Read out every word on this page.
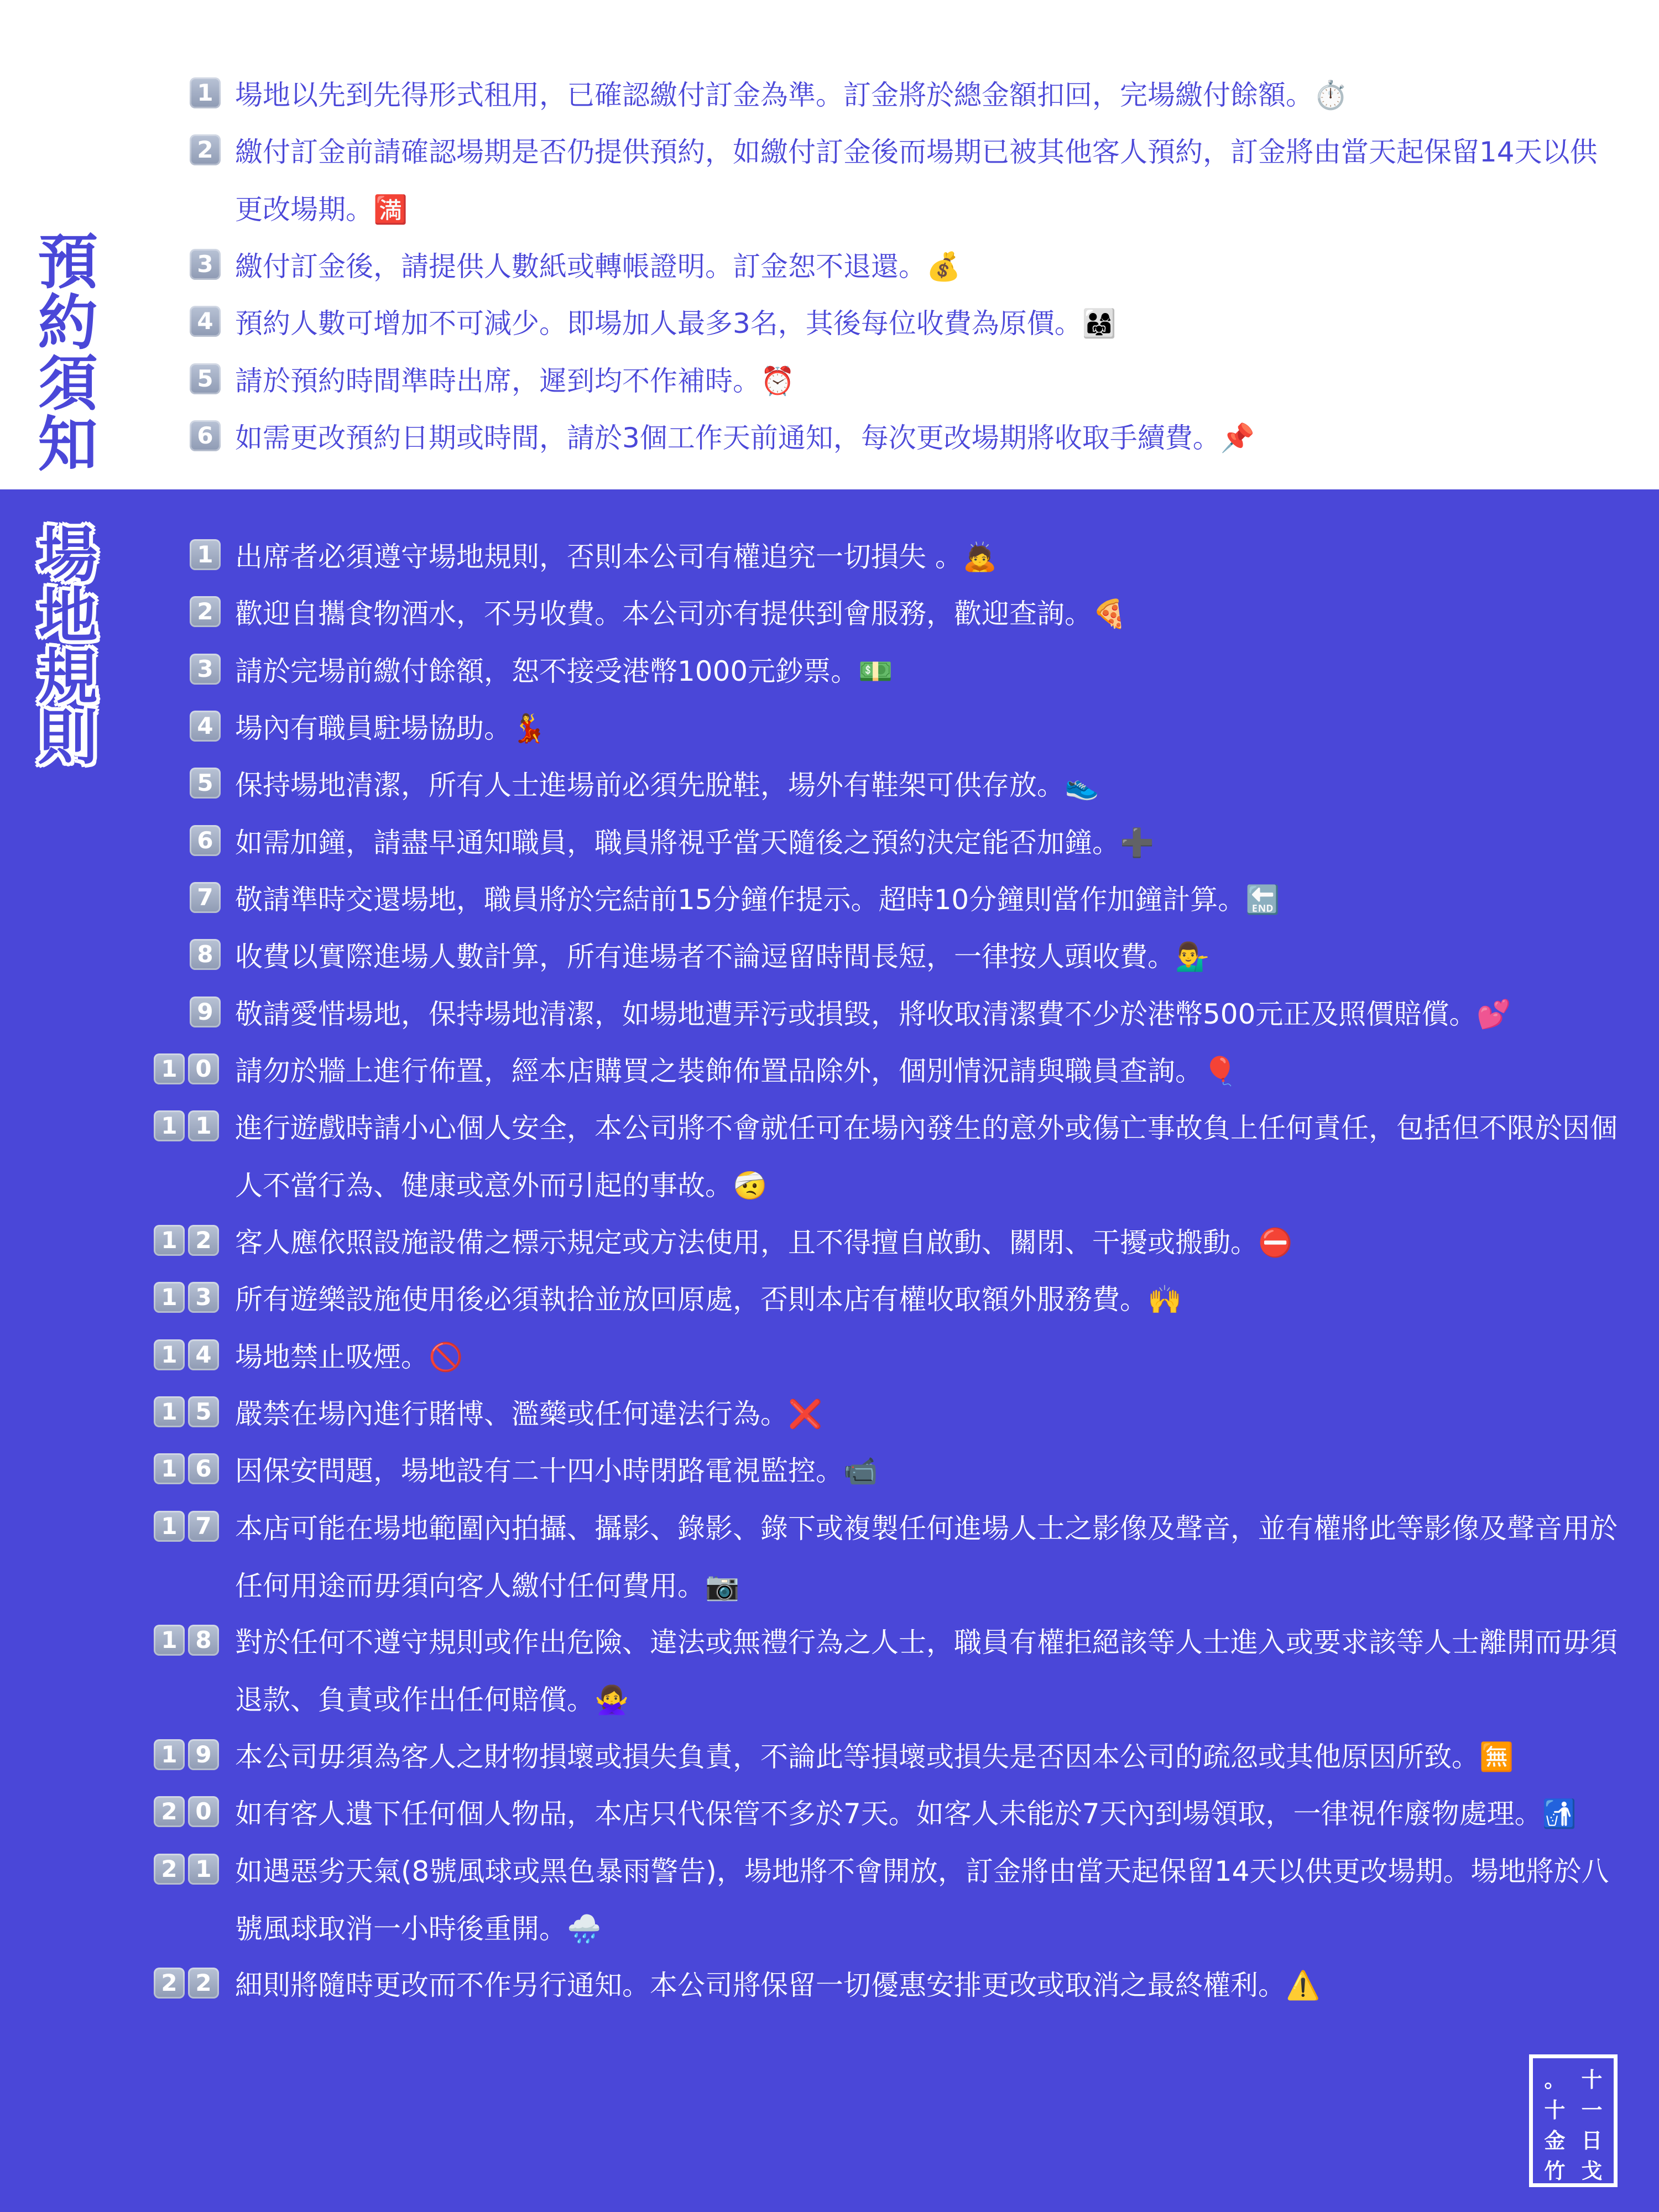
預
約
須
知
1 場地以先到先得形式租用，已確認繳付訂金為準。訂金將於總金額扣回，完場繳付餘額。⏱️
2 繳付訂金前請確認場期是否仍提供預約，如繳付訂金後而場期已被其他客人預約，訂金將由當天起保留14天以供更改場期。🈵
3 繳付訂金後，請提供人數紙或轉帳證明。訂金恕不退還。💰
4 預約人數可增加不可減少。即場加人最多3名，其後每位收費為原價。👨‍👩‍👧
5 請於預約時間準時出席，遲到均不作補時。⏰
6 如需更改預約日期或時間，請於3個工作天前通知，每次更改場期將收取手續費。📌
場
地
規
則
1 出席者必須遵守場地規則，否則本公司有權追究一切損失 。🙇
2 歡迎自攜食物酒水，不另收費。本公司亦有提供到會服務，歡迎查詢。🍕
3 請於完場前繳付餘額，恕不接受港幣1000元鈔票。💵
4 場內有職員駐場協助。💃
5 保持場地清潔，所有人士進場前必須先脫鞋，場外有鞋架可供存放。👟
6 如需加鐘，請盡早通知職員，職員將視乎當天隨後之預約決定能否加鐘。➕
7 敬請準時交還場地，職員將於完結前15分鐘作提示。超時10分鐘則當作加鐘計算。🔚
8 收費以實際進場人數計算，所有進場者不論逗留時間長短，一律按人頭收費。💁‍♂️
9 敬請愛惜場地，保持場地清潔，如場地遭弄污或損毀，將收取清潔費不少於港幣500元正及照價賠償。💕
1 0 請勿於牆上進行佈置，經本店購買之裝飾佈置品除外，個別情況請與職員查詢。🎈
1 1 進行遊戲時請小心個人安全，本公司將不會就任可在場內發生的意外或傷亡事故負上任何責任，包括但不限於因個人不當行為、健康或意外而引起的事故。🤕
1 2 客人應依照設施設備之標示規定或方法使用，且不得擅自啟動、關閉、干擾或搬動。⛔
1 3 所有遊樂設施使用後必須執拾並放回原處，否則本店有權收取額外服務費。🙌
1 4 場地禁止吸煙。🚫
1 5 嚴禁在場內進行賭博、濫藥或任何違法行為。❌
1 6 因保安問題，場地設有二十四小時閉路電視監控。📹
1 7 本店可能在場地範圍內拍攝、攝影、錄影、錄下或複製任何進場人士之影像及聲音，並有權將此等影像及聲音用於任何用途而毋須向客人繳付任何費用。📷
1 8 對於任何不遵守規則或作出危險、違法或無禮行為之人士，職員有權拒絕該等人士進入或要求該等人士離開而毋須退款、負責或作出任何賠償。🙅‍♀️
1 9 本公司毋須為客人之財物損壞或損失負責，不論此等損壞或損失是否因本公司的疏忽或其他原因所致。🈚
2 0 如有客人遺下任何個人物品，本店只代保管不多於7天。如客人未能於7天內到場領取，一律視作廢物處理。🚮
2 1 如遇惡劣天氣(8號風球或黑色暴雨警告)，場地將不會開放，訂金將由當天起保留14天以供更改場期。場地將於八號風球取消一小時後重開。🌧️
2 2 細則將隨時更改而不作另行通知。本公司將保留一切優惠安排更改或取消之最終權利。⚠️
。 十
十 一
金 日
竹 戈
